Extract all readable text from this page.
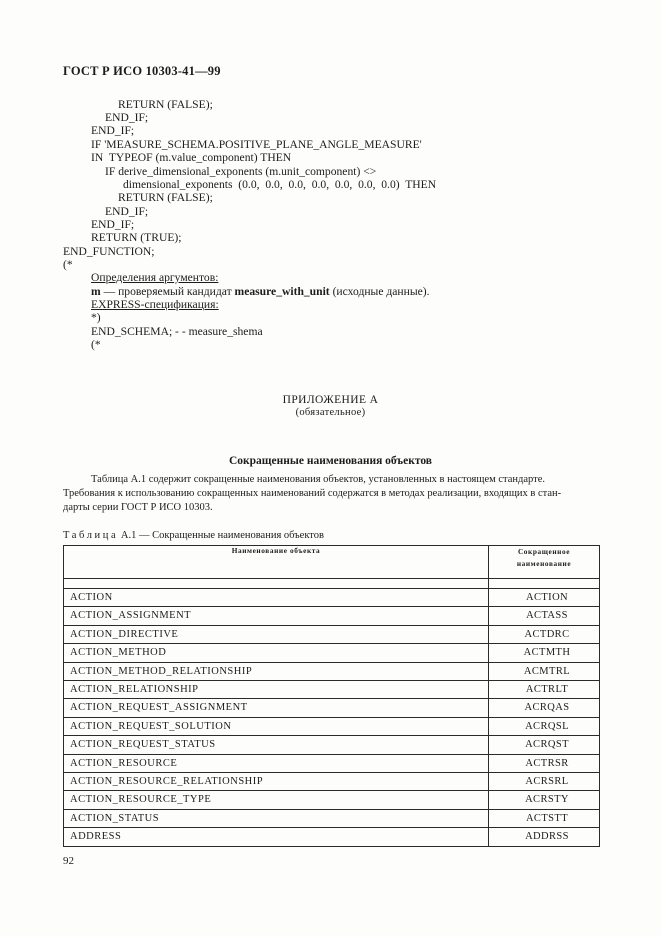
ГОСТ Р ИСО 10303-41—99
RETURN (FALSE);
END_IF;
END_IF;
IF 'MEASURE_SCHEMA.POSITIVE_PLANE_ANGLE_MEASURE'
IN  TYPEOF (m.value_component) THEN
IF derive_dimensional_exponents (m.unit_component) <>
dimensional_exponents  (0.0,  0.0,  0.0,  0.0,  0.0,  0.0,  0.0)  THEN
RETURN (FALSE);
END_IF;
END_IF;
RETURN (TRUE);
END_FUNCTION;
(*
Определения аргументов:
m — проверяемый кандидат measure_with_unit (исходные данные).
EXPRESS-спецификация:
*)
END_SCHEMA; - - measure_shema
(*
ПРИЛОЖЕНИЕ А
(обязательное)
Сокращенные наименования объектов
Таблица А.1 содержит сокращенные наименования объектов, установленных в настоящем стандарте.
Требования к использованию сокращенных наименований содержатся в методах реализации, входящих в стан-
дарты серии ГОСТ Р ИСО 10303.
Таблица А.1 — Сокращенные наименования объектов
Наименование объекта	Сокращенное
наименование

ACTION	ACTION
ACTION_ASSIGNMENT	ACTASS
ACTION_DIRECTIVE	ACTDRC
ACTION_METHOD	ACTMTH
ACTION_METHOD_RELATIONSHIP	ACMTRL
ACTION_RELATIONSHIP	ACTRLT
ACTION_REQUEST_ASSIGNMENT	ACRQAS
ACTION_REQUEST_SOLUTION	ACRQSL
ACTION_REQUEST_STATUS	ACRQST
ACTION_RESOURCE	ACTRSR
ACTION_RESOURCE_RELATIONSHIP	ACRSRL
ACTION_RESOURCE_TYPE	ACRSTY
ACTION_STATUS	ACTSTT
ADDRESS	ADDRSS
92
